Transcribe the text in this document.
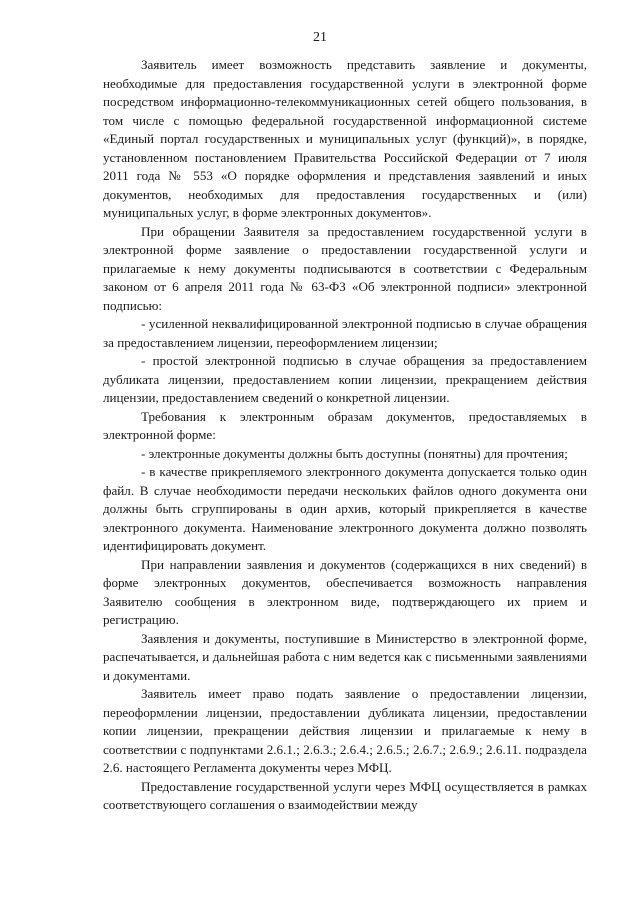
21

Заявитель имеет возможность представить заявление и документы, необходимые для предоставления государственной услуги в электронной форме посредством информационно-телекоммуникационных сетей общего пользования, в том числе с помощью федеральной государственной информационной системе «Единый портал государственных и муниципальных услуг (функций)», в порядке, установленном постановлением Правительства Российской Федерации от 7 июля 2011 года № 553 «О порядке оформления и представления заявлений и иных документов, необходимых для предоставления государственных и (или) муниципальных услуг, в форме электронных документов».

При обращении Заявителя за предоставлением государственной услуги в электронной форме заявление о предоставлении государственной услуги и прилагаемые к нему документы подписываются в соответствии с Федеральным законом от 6 апреля 2011 года № 63-ФЗ «Об электронной подписи» электронной подписью:

- усиленной неквалифицированной электронной подписью в случае обращения за предоставлением лицензии, переоформлением лицензии;

- простой электронной подписью в случае обращения за предоставлением дубликата лицензии, предоставлением копии лицензии, прекращением действия лицензии, предоставлением сведений о конкретной лицензии.

Требования к электронным образам документов, предоставляемых в электронной форме:

- электронные документы должны быть доступны (понятны) для прочтения;

- в качестве прикрепляемого электронного документа допускается только один файл. В случае необходимости передачи нескольких файлов одного документа они должны быть сгруппированы в один архив, который прикрепляется в качестве электронного документа. Наименование электронного документа должно позволять идентифицировать документ.

При направлении заявления и документов (содержащихся в них сведений) в форме электронных документов, обеспечивается возможность направления Заявителю сообщения в электронном виде, подтверждающего их прием и регистрацию.

Заявления и документы, поступившие в Министерство в электронной форме, распечатывается, и дальнейшая работа с ним ведется как с письменными заявлениями и документами.

Заявитель имеет право подать заявление о предоставлении лицензии, переоформлении лицензии, предоставлении дубликата лицензии, предоставлении копии лицензии, прекращении действия лицензии и прилагаемые к нему в соответствии с подпунктами 2.6.1.; 2.6.3.; 2.6.4.; 2.6.5.; 2.6.7.; 2.6.9.; 2.6.11. подраздела 2.6. настоящего Регламента документы через МФЦ.

Предоставление государственной услуги через МФЦ осуществляется в рамках соответствующего соглашения о взаимодействии между
